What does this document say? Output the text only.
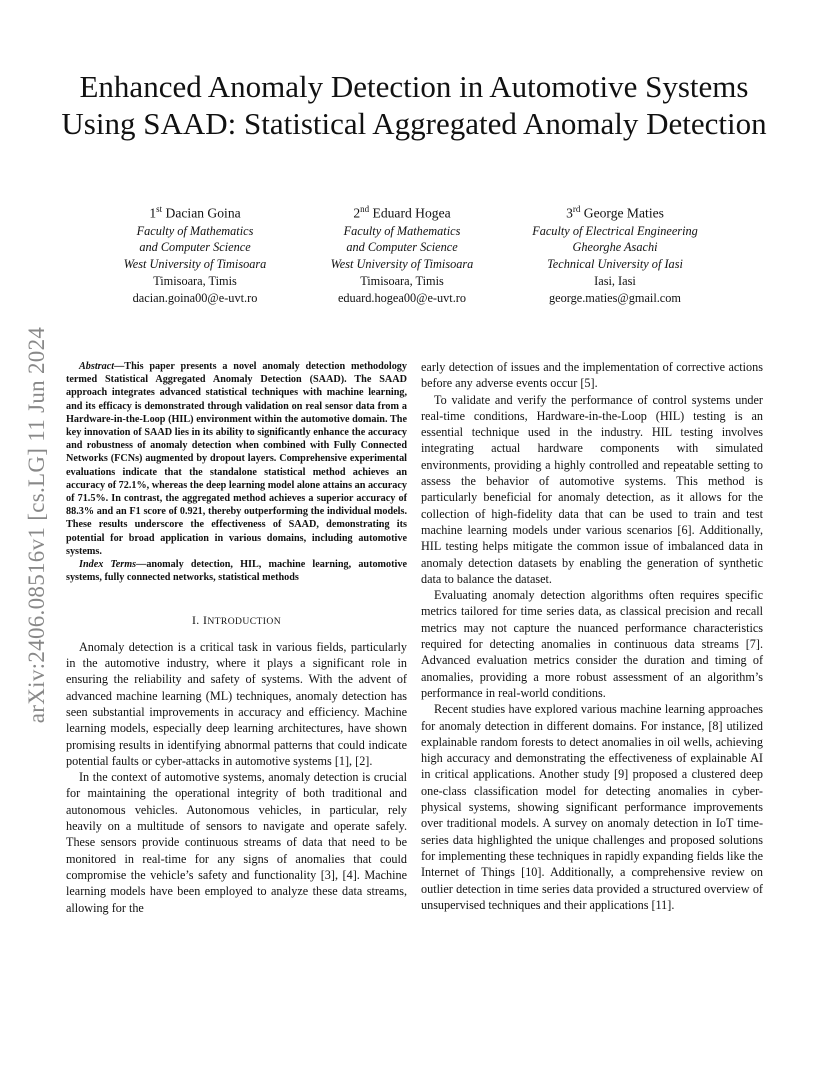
arXiv:2406.08516v1 [cs.LG] 11 Jun 2024
Enhanced Anomaly Detection in Automotive Systems Using SAAD: Statistical Aggregated Anomaly Detection
1st Dacian Goina
Faculty of Mathematics
and Computer Science
West University of Timisoara
Timisoara, Timis
dacian.goina00@e-uvt.ro
2nd Eduard Hogea
Faculty of Mathematics
and Computer Science
West University of Timisoara
Timisoara, Timis
eduard.hogea00@e-uvt.ro
3rd George Maties
Faculty of Electrical Engineering
Gheorghe Asachi
Technical University of Iasi
Iasi, Iasi
george.maties@gmail.com

Abstract—This paper presents a novel anomaly detection methodology termed Statistical Aggregated Anomaly Detection (SAAD). The SAAD approach integrates advanced statistical techniques with machine learning, and its efficacy is demonstrated through validation on real sensor data from a Hardware-in-the-Loop (HIL) environment within the automotive domain. The key innovation of SAAD lies in its ability to significantly enhance the accuracy and robustness of anomaly detection when combined with Fully Connected Networks (FCNs) augmented by dropout layers. Comprehensive experimental evaluations indicate that the standalone statistical method achieves an accuracy of 72.1%, whereas the deep learning model alone attains an accuracy of 71.5%. In contrast, the aggregated method achieves a superior accuracy of 88.3% and an F1 score of 0.921, thereby outperforming the individual models. These results underscore the effectiveness of SAAD, demonstrating its potential for broad application in various domains, including automotive systems.

Index Terms—anomaly detection, HIL, machine learning, automotive systems, fully connected networks, statistical methods

I. INTRODUCTION

Anomaly detection is a critical task in various fields, particularly in the automotive industry, where it plays a significant role in ensuring the reliability and safety of systems. With the advent of advanced machine learning (ML) techniques, anomaly detection has seen substantial improvements in accuracy and efficiency. Machine learning models, especially deep learning architectures, have shown promising results in identifying abnormal patterns that could indicate potential faults or cyber-attacks in automotive systems [1], [2].

In the context of automotive systems, anomaly detection is crucial for maintaining the operational integrity of both traditional and autonomous vehicles. Autonomous vehicles, in particular, rely heavily on a multitude of sensors to navigate and operate safely. These sensors provide continuous streams of data that need to be monitored in real-time for any signs of anomalies that could compromise the vehicle’s safety and functionality [3], [4]. Machine learning models have been employed to analyze these data streams, allowing for the

early detection of issues and the implementation of corrective actions before any adverse events occur [5].

To validate and verify the performance of control systems under real-time conditions, Hardware-in-the-Loop (HIL) testing is an essential technique used in the industry. HIL testing involves integrating actual hardware components with simulated environments, providing a highly controlled and repeatable setting to assess the behavior of automotive systems. This method is particularly beneficial for anomaly detection, as it allows for the collection of high-fidelity data that can be used to train and test machine learning models under various scenarios [6]. Additionally, HIL testing helps mitigate the common issue of imbalanced data in anomaly detection datasets by enabling the generation of synthetic data to balance the dataset.

Evaluating anomaly detection algorithms often requires specific metrics tailored for time series data, as classical precision and recall metrics may not capture the nuanced performance characteristics required for detecting anomalies in continuous data streams [7]. Advanced evaluation metrics consider the duration and timing of anomalies, providing a more robust assessment of an algorithm’s performance in real-world conditions.

Recent studies have explored various machine learning approaches for anomaly detection in different domains. For instance, [8] utilized explainable random forests to detect anomalies in oil wells, achieving high accuracy and demonstrating the effectiveness of explainable AI in critical applications. Another study [9] proposed a clustered deep one-class classification model for detecting anomalies in cyber-physical systems, showing significant performance improvements over traditional models. A survey on anomaly detection in IoT time-series data highlighted the unique challenges and proposed solutions for implementing these techniques in rapidly expanding fields like the Internet of Things [10]. Additionally, a comprehensive review on outlier detection in time series data provided a structured overview of unsupervised techniques and their applications [11].
